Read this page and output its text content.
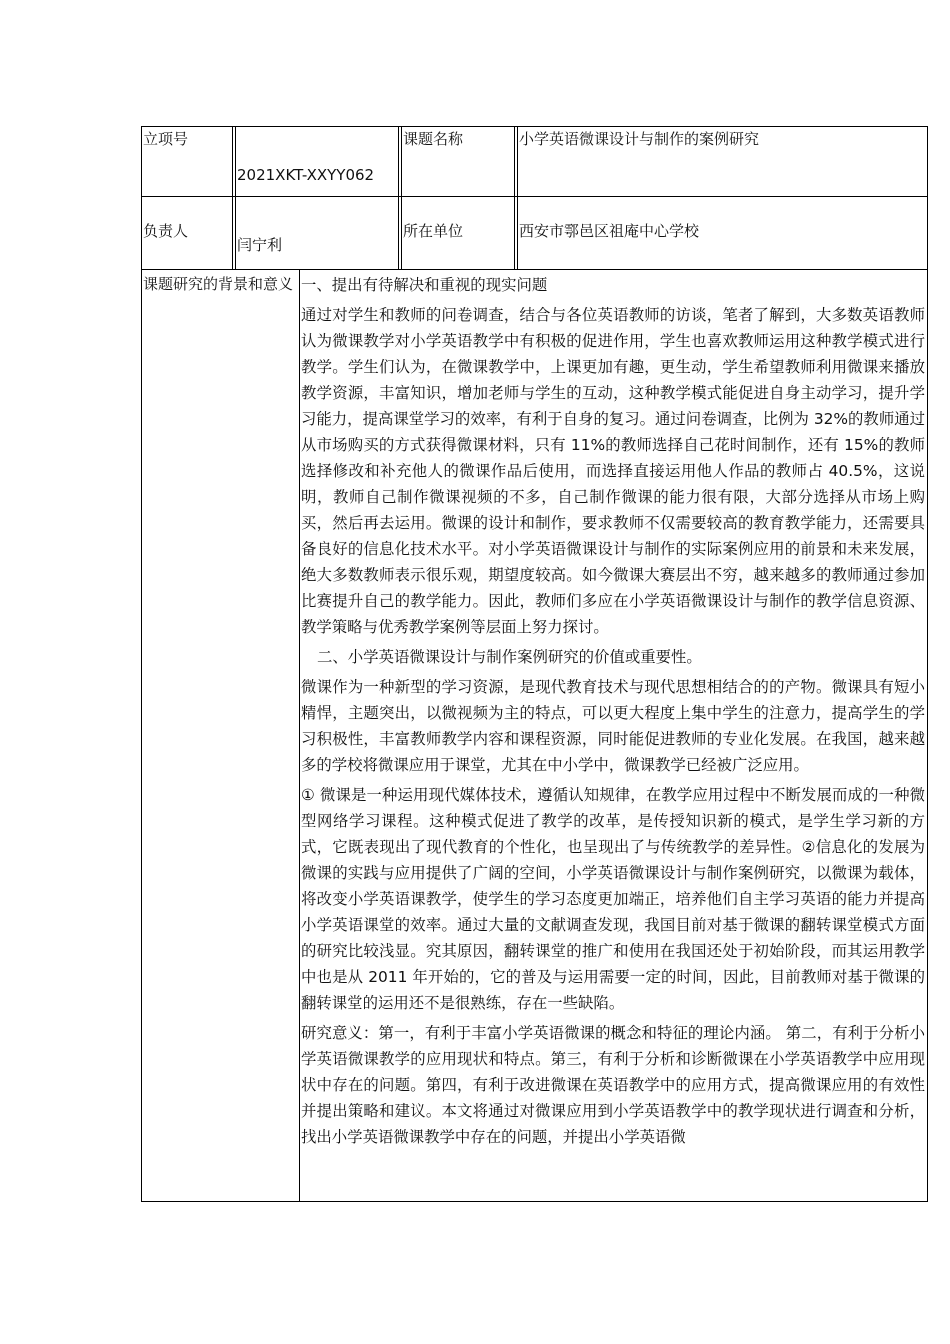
立项号
2021XKT-XXYY062
课题名称	小学英语微课设计与制作的案例研究
负责人
闫宁利
所在单位	西安市鄠邑区祖庵中心学校
课题研究的背景和意义 一、提出有待解决和重视的现实问题

通过对学生和教师的问卷调查，结合与各位英语教师的访谈，笔者了解到，大多数英语教师认为微课教学对小学英语教学中有积极的促进作用，学生也喜欢教师运用这种教学模式进行教学。学生们认为，在微课教学中，上课更加有趣，更生动，学生希望教师利用微课来播放教学资源，丰富知识，增加老师与学生的互动，这种教学模式能促进自身主动学习，提升学习能力，提高课堂学习的效率，有利于自身的复习。通过问卷调查，比例为 32%的教师通过从市场购买的方式获得微课材料，只有 11%的教师选择自己花时间制作，还有 15%的教师选择修改和补充他人的微课作品后使用，而选择直接运用他人作品的教师占 40.5%，这说明，教师自己制作微课视频的不多，自己制作微课的能力很有限，大部分选择从市场上购买，然后再去运用。微课的设计和制作，要求教师不仅需要较高的教育教学能力，还需要具备良好的信息化技术水平。对小学英语微课设计与制作的实际案例应用的前景和未来发展，绝大多数教师表示很乐观，期望度较高。如今微课大赛层出不穷，越来越多的教师通过参加比赛提升自己的教学能力。因此，教师们多应在小学英语微课设计与制作的教学信息资源、教学策略与优秀教学案例等层面上努力探讨。

二、小学英语微课设计与制作案例研究的价值或重要性。

微课作为一种新型的学习资源，是现代教育技术与现代思想相结合的的产物。微课具有短小精悍，主题突出，以微视频为主的特点，可以更大程度上集中学生的注意力，提高学生的学习积极性，丰富教师教学内容和课程资源，同时能促进教师的专业化发展。在我国，越来越多的学校将微课应用于课堂，尤其在中小学中，微课教学已经被广泛应用。

① 微课是一种运用现代媒体技术，遵循认知规律，在教学应用过程中不断发展而成的一种微型网络学习课程。这种模式促进了教学的改革，是传授知识新的模式，是学生学习新的方式，它既表现出了现代教育的个性化，也呈现出了与传统教学的差异性。②信息化的发展为微课的实践与应用提供了广阔的空间，小学英语微课设计与制作案例研究，以微课为载体，将改变小学英语课教学，使学生的学习态度更加端正，培养他们自主学习英语的能力并提高小学英语课堂的效率。通过大量的文献调查发现，我国目前对基于微课的翻转课堂模式方面的研究比较浅显。究其原因，翻转课堂的推广和使用在我国还处于初始阶段，而其运用教学中也是从 2011 年开始的，它的普及与运用需要一定的时间，因此，目前教师对基于微课的翻转课堂的运用还不是很熟练，存在一些缺陷。

研究意义：第一，有利于丰富小学英语微课的概念和特征的理论内涵。 第二，有利于分析小学英语微课教学的应用现状和特点。第三，有利于分析和诊断微课在小学英语教学中应用现状中存在的问题。第四，有利于改进微课在英语教学中的应用方式，提高微课应用的有效性并提出策略和建议。本文将通过对微课应用到小学英语教学中的教学现状进行调查和分析，找出小学英语微课教学中存在的问题，并提出小学英语微
